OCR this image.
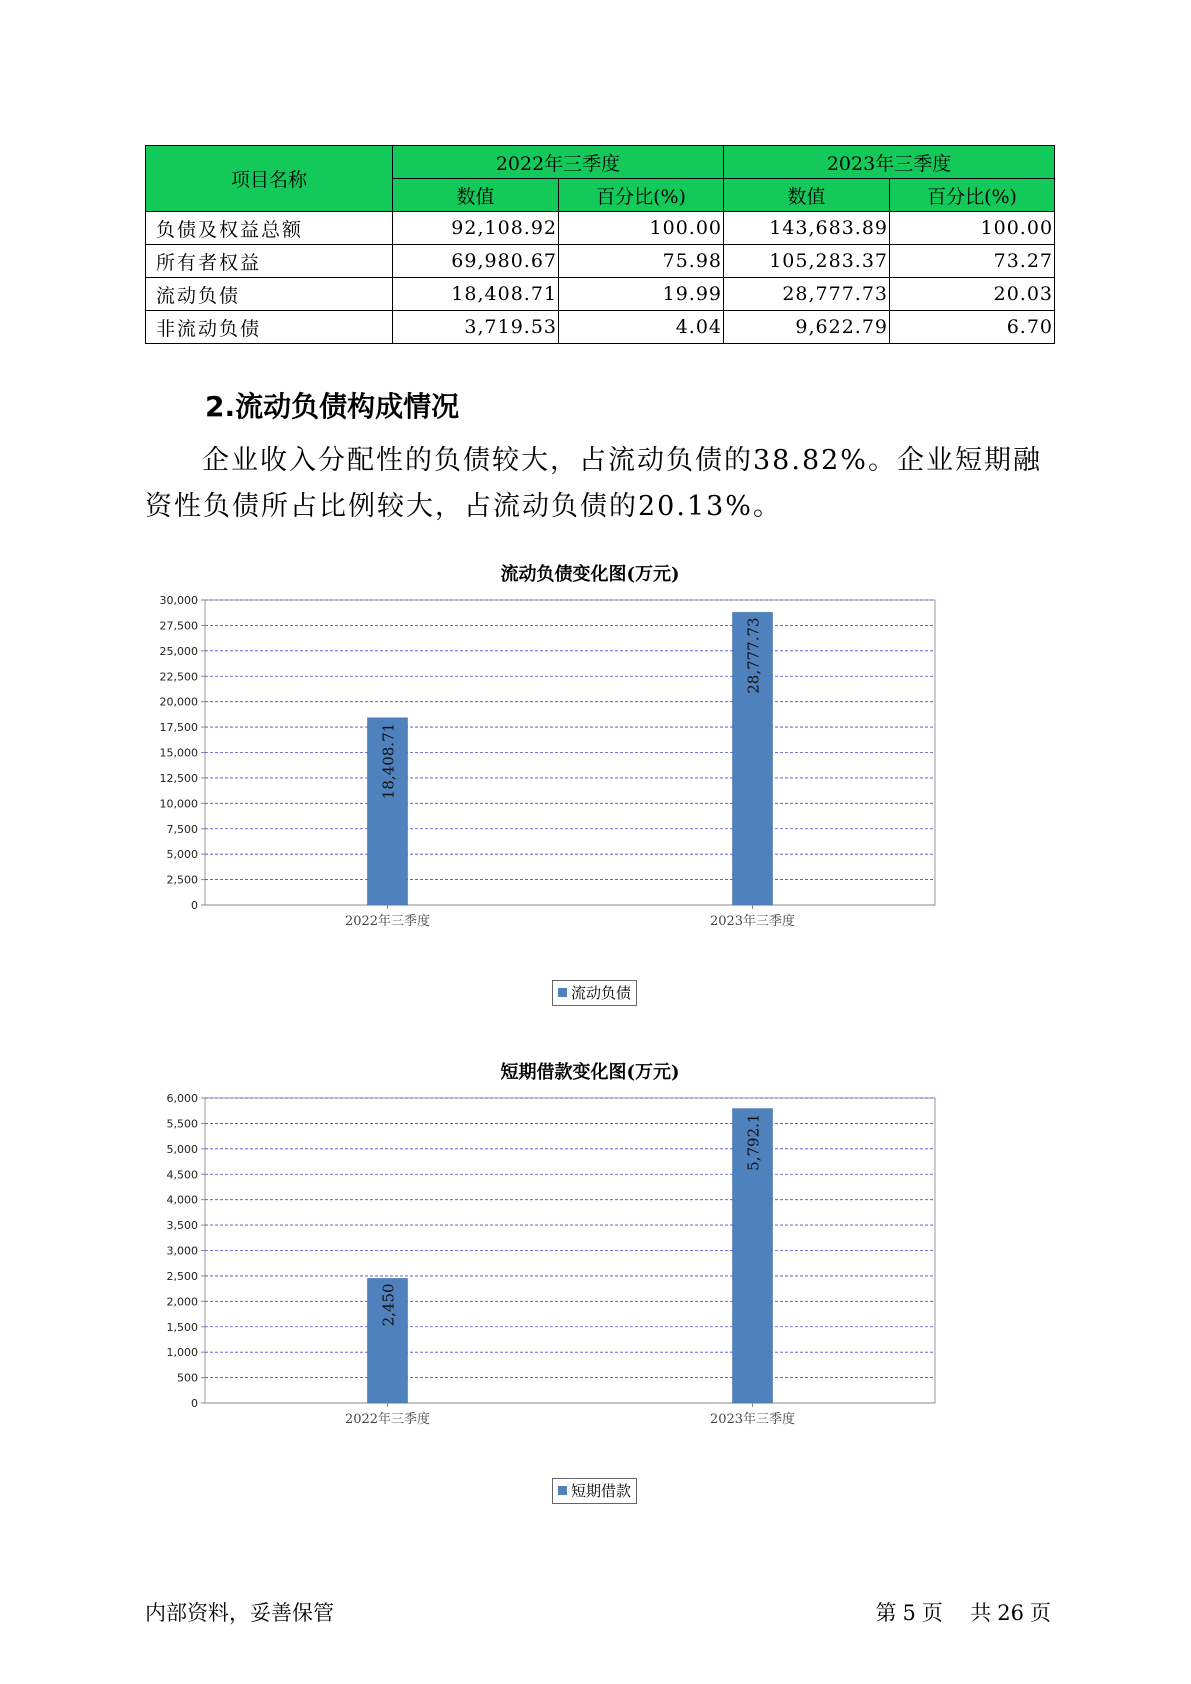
项目名称	2022年三季度		2023年三季度	
	数值	百分比(%)	数值	百分比(%)
负债及权益总额	92,108.92	100.00	143,683.89	100.00
所有者权益	69,980.67	75.98	105,283.37	73.27
流动负债	18,408.71	19.99	28,777.73	20.03
非流动负债	3,719.53	4.04	9,622.79	6.70
2.流动负债构成情况

企业收入分配性的负债较大，占流动负债的38.82%。企业短期融资性负债所占比例较大，占流动负债的20.13%。

流动负债变化图(万元)
0
2,500
5,000
7,500
10,000
12,500
15,000
17,500
20,000
22,500
25,000
27,500
30,000
18,408.71
2022年三季度
28,777.73
2023年三季度
流动负债
短期借款变化图(万元)
0
500
1,000
1,500
2,000
2,500
3,000
3,500
4,000
4,500
5,000
5,500
6,000
2,450
2022年三季度
5,792.1
2023年三季度
短期借款

内部资料，妥善保管	第 5 页 共 26 页
